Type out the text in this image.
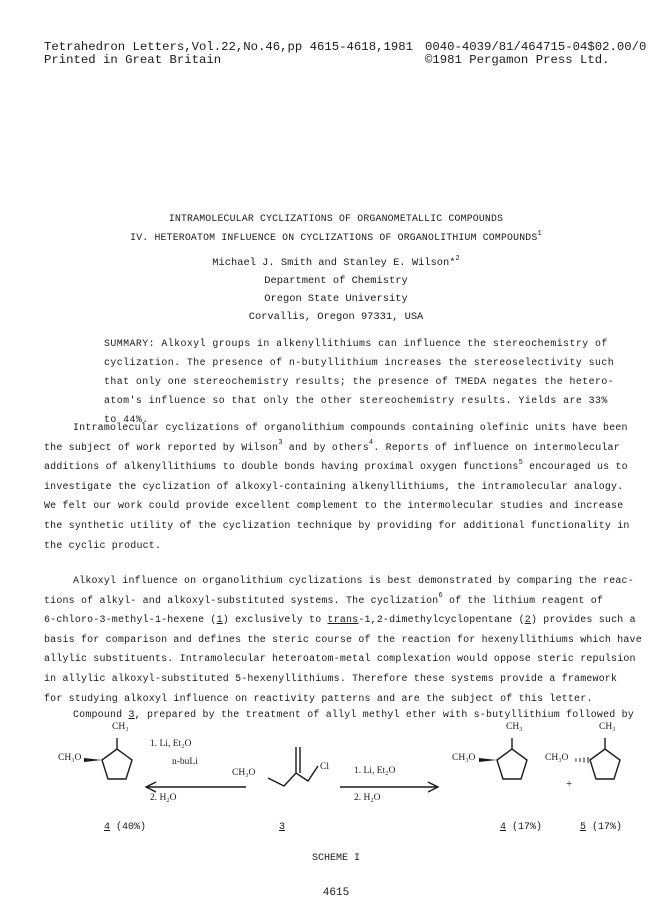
Tetrahedron Letters,Vol.22,No.46,pp 4615-4618,1981
Printed in Great Britain
0040-4039/81/464715-04$02.00/0
©1981 Pergamon Press Ltd.
INTRAMOLECULAR CYCLIZATIONS OF ORGANOMETALLIC COMPOUNDS
IV. HETEROATOM INFLUENCE ON CYCLIZATIONS OF ORGANOLITHIUM COMPOUNDS$^1$
Michael J. Smith and Stanley E. Wilson*$^2$
Department of Chemistry
Oregon State University
Corvallis, Oregon 97331, USA
SUMMARY: Alkoxyl groups in alkenyllithiums can influence the stereochemistry of
cyclization. The presence of n-butyllithium increases the stereoselectivity such
that only one stereochemistry results; the presence of TMEDA negates the hetero-
atom's influence so that only the other stereochemistry results. Yields are 33%
to 44%.
Intramolecular cyclizations of organolithium compounds containing olefinic units have been
the subject of work reported by Wilson$^3$ and by others$^4$. Reports of influence on intermolecular
additions of alkenyllithiums to double bonds having proximal oxygen functions$^5$ encouraged us to
investigate the cyclization of alkoxyl-containing alkenyllithiums, the intramolecular analogy.
We felt our work could provide excellent complement to the intermolecular studies and increase
the synthetic utility of the cyclization technique by providing for additional functionality in
the cyclic product.
Alkoxyl influence on organolithium cyclizations is best demonstrated by comparing the reac-
tions of alkyl- and alkoxyl-substituted systems. The cyclization$^6$ of the lithium reagent of
6-chloro-3-methyl-1-hexene (1) exclusively to trans-1,2-dimethylcyclopentane (2) provides such a
basis for comparison and defines the steric course of the reaction for hexenyllithiums which have
allylic substituents. Intramolecular heteroatom-metal complexation would oppose steric repulsion
in allylic alkoxyl-substituted 5-hexenyllithiums. Therefore these systems provide a framework
for studying alkoxyl influence on reactivity patterns and are the subject of this letter.
Compound 3, prepared by the treatment of allyl methyl ether with s-butyllithium followed by
CH₃
CH₃O
1. Li, Et₂O
n-buLi
2. H₂O
CH₃O
Cl	1. Li, Et₂O
2. H₂O
CH₃
CH₃O
CH₃
CH₃O
+
4 (40%)	3	4 (17%)	5 (17%)
SCHEME I
4615
